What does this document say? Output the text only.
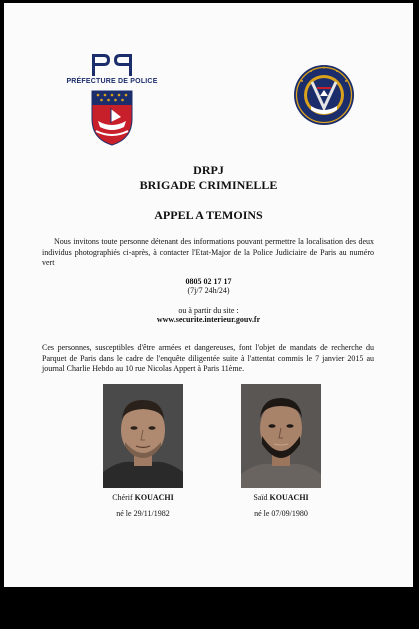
PRÉFECTURE DE POLICE
DRPJ
BRIGADE CRIMINELLE
APPEL A TEMOINS
Nous invitons toute personne détenant des informations pouvant permettre la localisation des deux individus photographiés ci-après, à contacter l'Etat-Major de la Police Judiciaire de Paris au numéro vert
0805 02 17 17
(7j/7 24h/24)
ou à partir du site :
www.securite.interieur.gouv.fr
Ces personnes, susceptibles d'être armées et dangereuses, font l'objet de mandats de recherche du Parquet de Paris dans le cadre de l'enquête diligentée suite à l'attentat commis le 7 janvier 2015 au journal Charlie Hebdo au 10 rue Nicolas Appert à Paris 11ème.
Chérif KOUACHI
né le 29/11/1982
Saïd KOUACHI
né le 07/09/1980
